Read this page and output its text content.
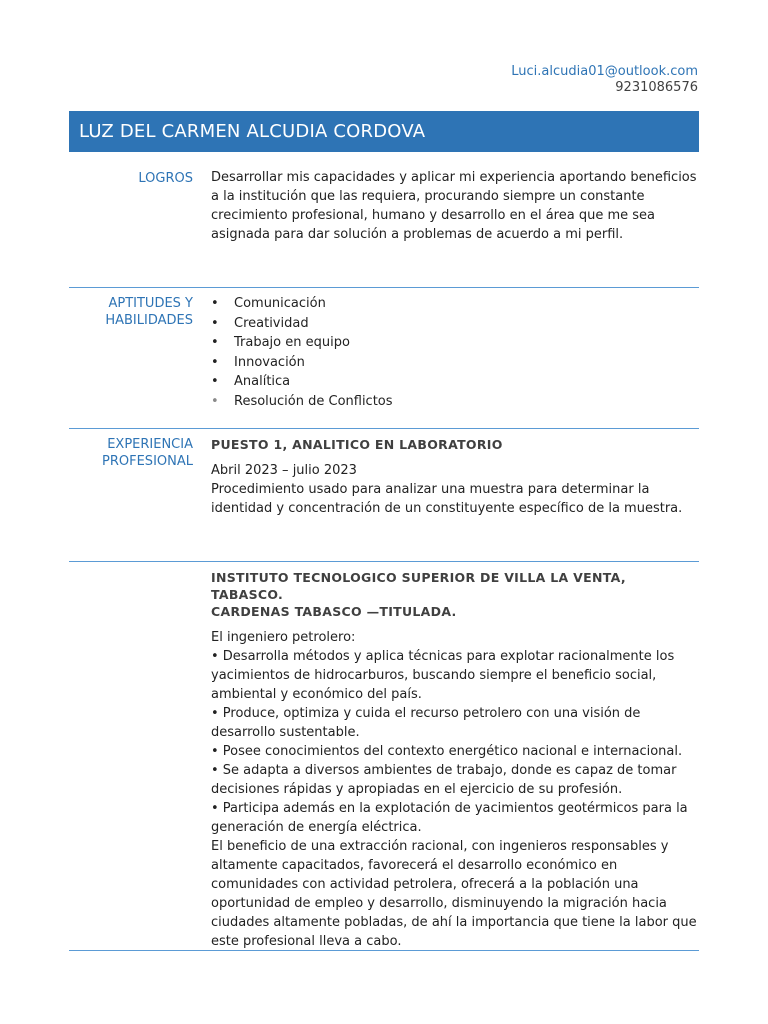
Luci.alcudia01@outlook.com
9231086576
LUZ DEL CARMEN ALCUDIA CORDOVA
LOGROS Desarrollar mis capacidades y aplicar mi experiencia aportando beneficios a la institución que las requiera, procurando siempre un constante crecimiento profesional, humano y desarrollo en el área que me sea asignada para dar solución a problemas de acuerdo a mi perfil.
APTITUDES Y
HABILIDADES
• Comunicación
• Creatividad
• Trabajo en equipo
• Innovación
• Analítica
• Resolución de Conflictos
EXPERIENCIA
PROFESIONAL
PUESTO 1, ANALITICO EN LABORATORIO
Abril 2023 – julio 2023
Procedimiento usado para analizar una muestra para determinar la identidad y concentración de un constituyente específico de la muestra.
INSTITUTO TECNOLOGICO SUPERIOR DE VILLA LA VENTA, TABASCO.
CARDENAS TABASCO —TITULADA.
El ingeniero petrolero:
• Desarrolla métodos y aplica técnicas para explotar racionalmente los yacimientos de hidrocarburos, buscando siempre el beneficio social, ambiental y económico del país.
• Produce, optimiza y cuida el recurso petrolero con una visión de desarrollo sustentable.
• Posee conocimientos del contexto energético nacional e internacional.
• Se adapta a diversos ambientes de trabajo, donde es capaz de tomar decisiones rápidas y apropiadas en el ejercicio de su profesión.
• Participa además en la explotación de yacimientos geotérmicos para la generación de energía eléctrica.
El beneficio de una extracción racional, con ingenieros responsables y altamente capacitados, favorecerá el desarrollo económico en comunidades con actividad petrolera, ofrecerá a la población una oportunidad de empleo y desarrollo, disminuyendo la migración hacia ciudades altamente pobladas, de ahí la importancia que tiene la labor que este profesional lleva a cabo.
